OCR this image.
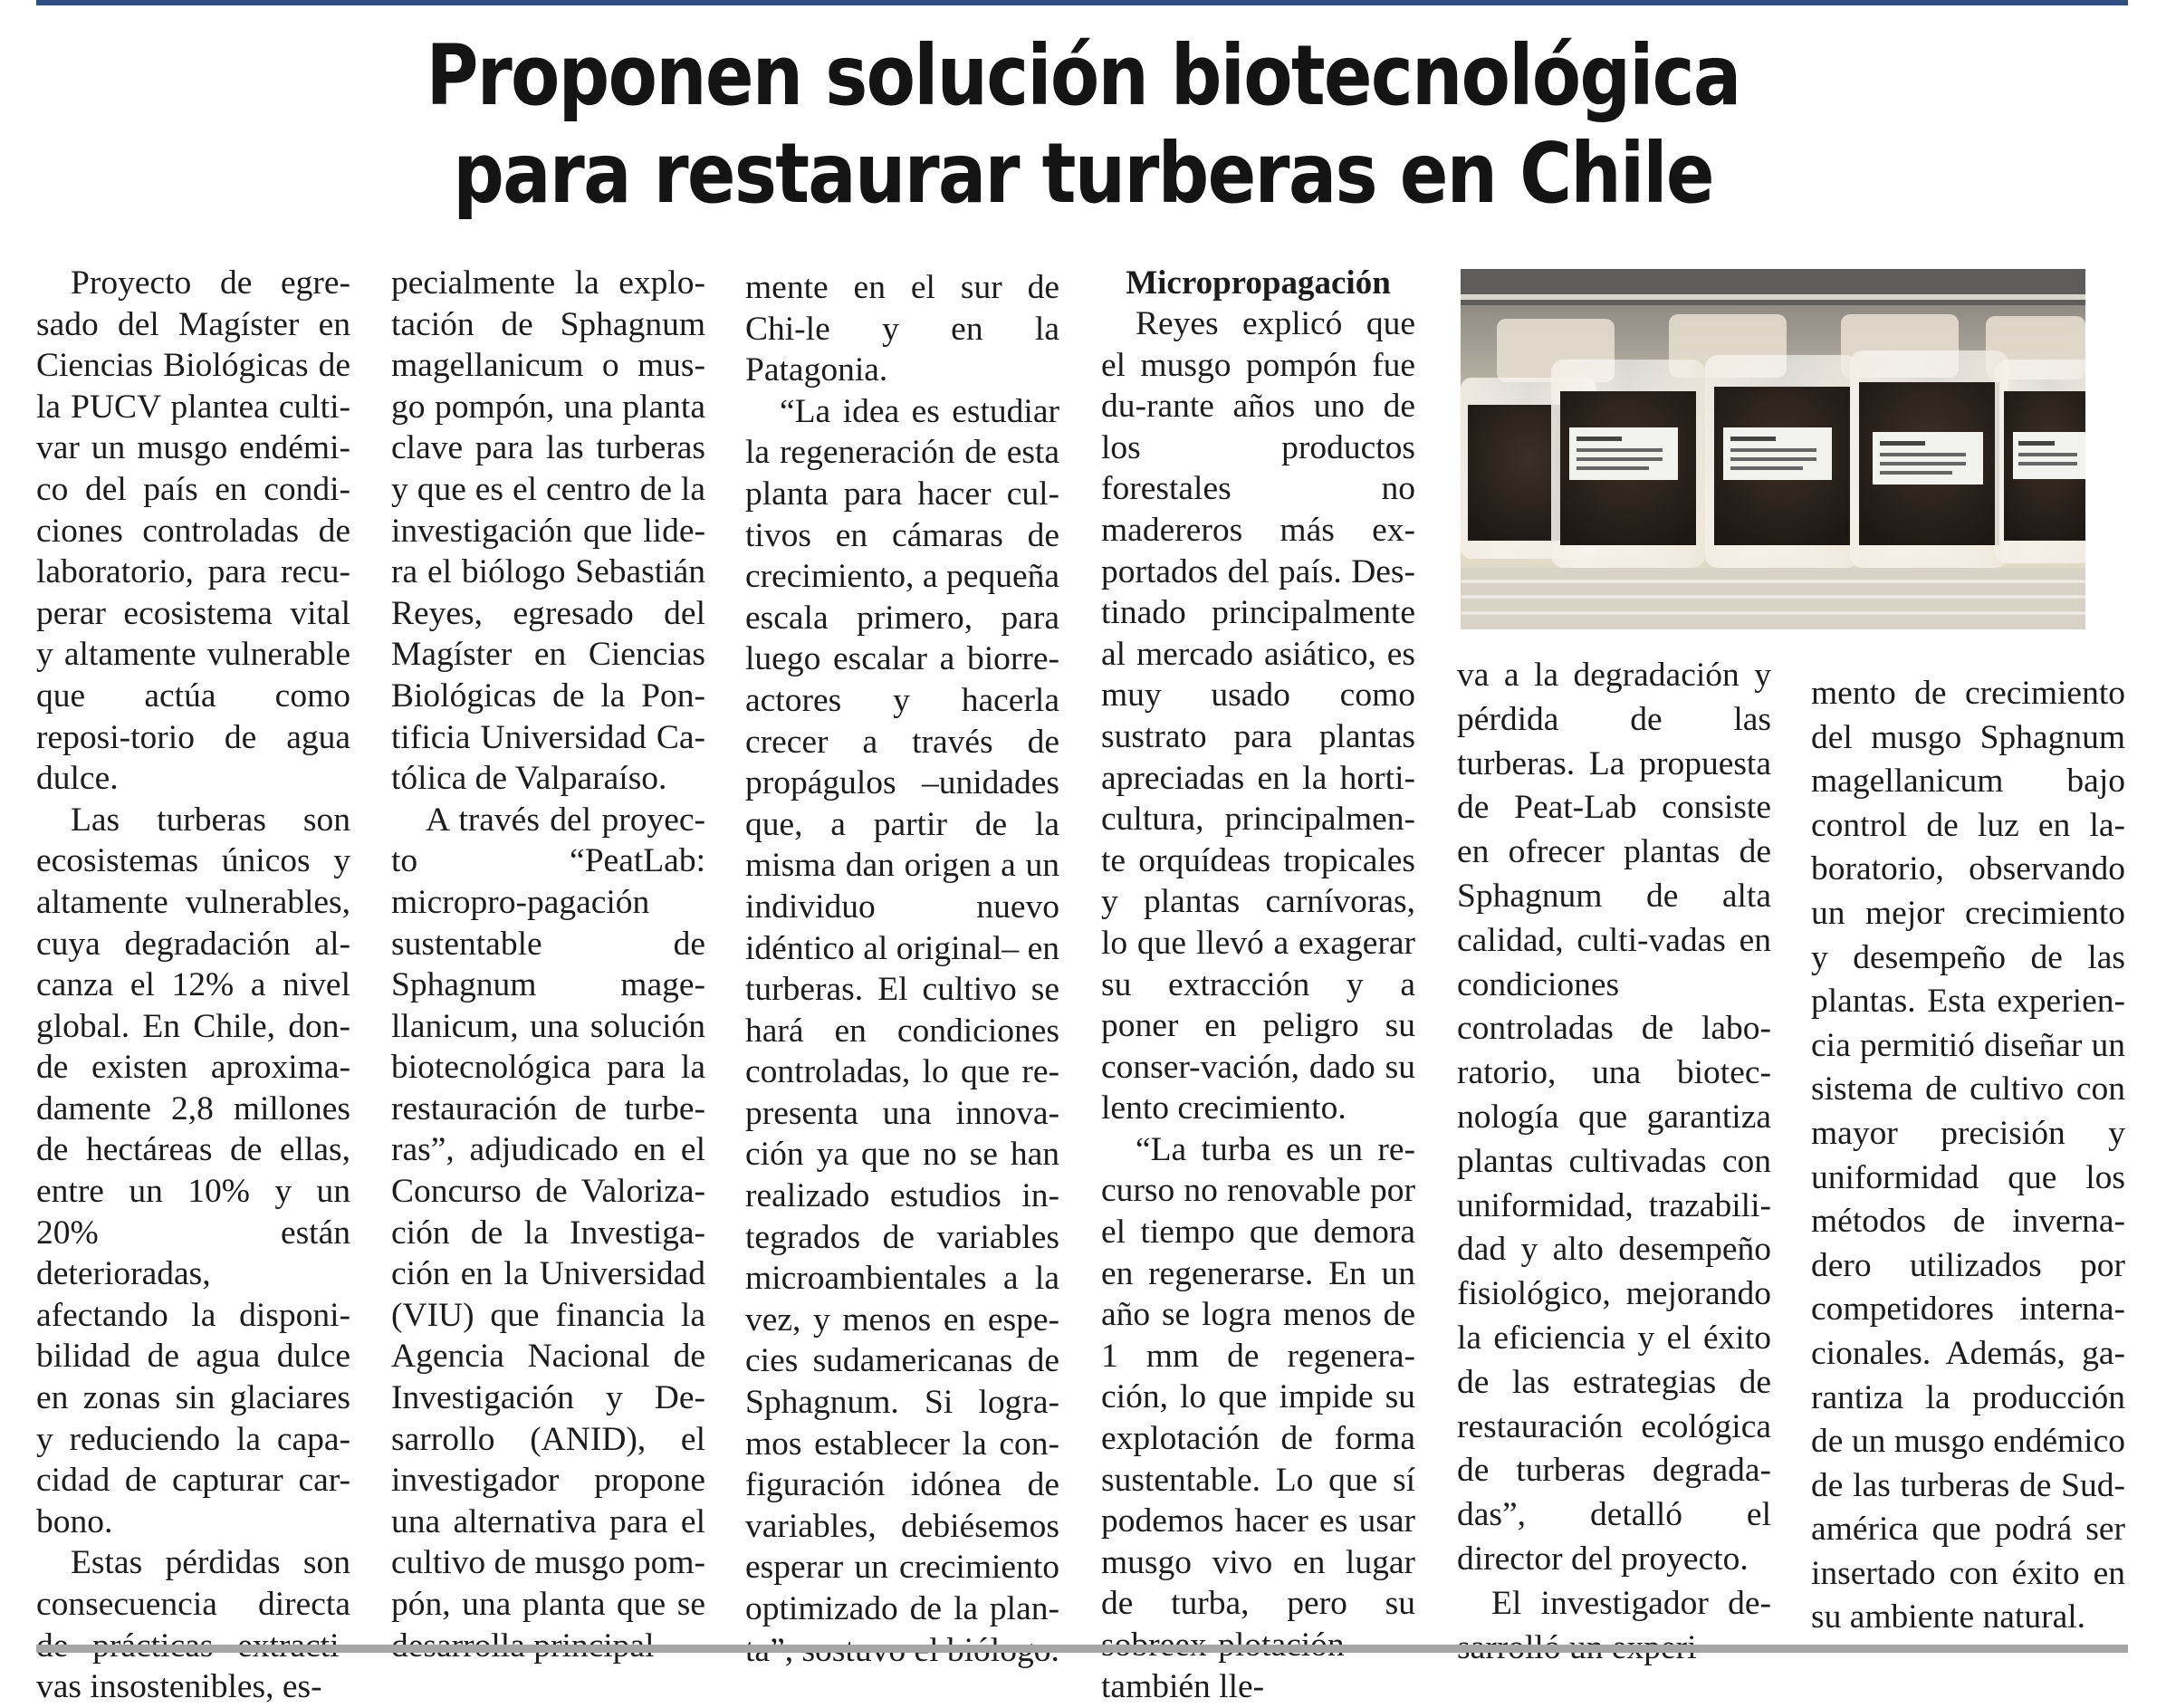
Proponen solución biotecnológica
para restaurar turberas en Chile

Proyecto de egre-sado del Magíster en Ciencias Biológicas de la PUCV plantea culti-var un musgo endémi-co del país en condi-ciones controladas de laboratorio, para recu-perar ecosistema vital y altamente vulnerable que actúa como reposi-torio de agua dulce.

Las turberas son ecosistemas únicos y altamente vulnerables, cuya degradación al-canza el 12% a nivel global. En Chile, don-de existen aproxima-damente 2,8 millones de hectáreas de ellas, entre un 10% y un 20% están deterioradas, afectando la disponi-bilidad de agua dulce en zonas sin glaciares y reduciendo la capa-cidad de capturar car-bono.

Estas pérdidas son consecuencia directa vas insostenibles, es-

pecialmente la explo-tación de Sphagnum magellanicum o mus-go pompón, una planta clave para las turberas y que es el centro de la investigación que lide-ra el biólogo Sebastián Reyes, egresado del Magíster en Ciencias Biológicas de la Pon-tificia Universidad Ca-tólica de Valparaíso.

A través del proyec-to “PeatLab: micropro-pagación sustentable de Sphagnum mage-llanicum, una solución biotecnológica para la restauración de turbe-ras”, adjudicado en el Concurso de Valoriza-ción de la Investiga-ción en la Universidad (VIU) que financia la Agencia Nacional de Investigación y De-sarrollo (ANID), el investigador propone una alternativa para el cultivo de musgo pom-pón, una planta que se

mente en el sur de Chi-le y en la Patagonia.

“La idea es estudiar la regeneración de esta planta para hacer cul-tivos en cámaras de crecimiento, a pequeña escala primero, para luego escalar a biorre-actores y hacerla crecer a través de propágulos –unidades que, a partir de la misma dan origen a un individuo nuevo idéntico al original– en turberas. El cultivo se hará en condiciones controladas, lo que re-presenta una innova-ción ya que no se han realizado estudios in-tegrados de variables microambientales a la vez, y menos en espe-cies sudamericanas de Sphagnum. Si logra-mos establecer la con-figuración idónea de variables, debiésemos esperar un crecimiento optimizado de la plan-

Micropropagación

Reyes explicó que el musgo pompón fue du-rante años uno de los productos forestales no madereros más ex-portados del país. Des-tinado principalmente al mercado asiático, es muy usado como sustrato para plantas apreciadas en la horti-cultura, principalmen-te orquídeas tropicales y plantas carnívoras, lo que llevó a exagerar su extracción y a poner en peligro su conser-vación, dado su lento crecimiento.

“La turba es un re-curso no renovable por el tiempo que demora en regenerarse. En un año se logra menos de 1 mm de regenera-ción, lo que impide su explotación de forma sustentable. Lo que sí podemos hacer es usar musgo vivo en lugar de turba, pero su también lle-

va a la degradación y pérdida de las turberas. La propuesta de Peat-Lab consiste en ofrecer plantas de Sphagnum de alta calidad, culti-vadas en condiciones controladas de labo-ratorio, una biotec-nología que garantiza plantas cultivadas con uniformidad, trazabili-dad y alto desempeño fisiológico, mejorando la eficiencia y el éxito de las estrategias de restauración ecológica de turberas degrada-das”, detalló el director del proyecto.

El investigador de-

mento de crecimiento del musgo Sphagnum magellanicum bajo control de luz en la-boratorio, observando un mejor crecimiento y desempeño de las plantas. Esta experien-cia permitió diseñar un sistema de cultivo con mayor precisión y uniformidad que los métodos de inverna-dero utilizados por competidores interna-cionales. Además, ga-rantiza la producción de un musgo endémico de las turberas de Sud-américa que podrá ser insertado con éxito en su ambiente natural.
